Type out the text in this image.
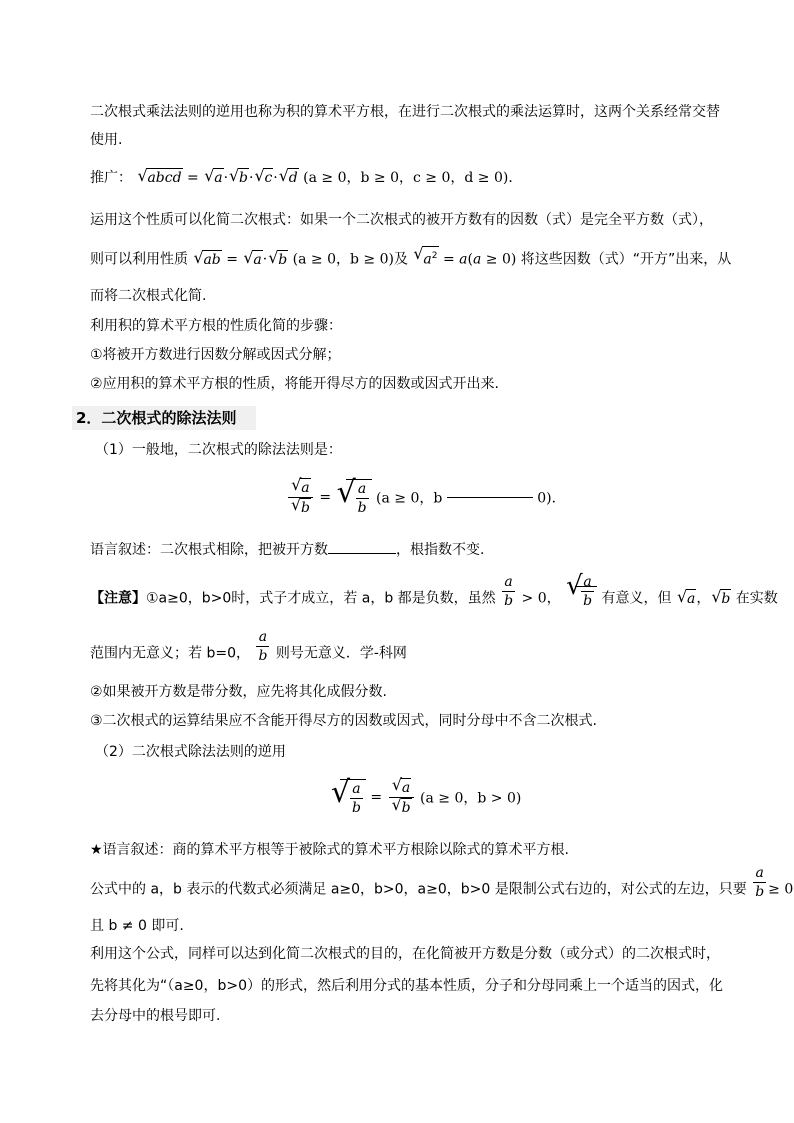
二次根式乘法法则的逆用也称为积的算术平方根，在进行二次根式的乘法运算时，这两个关系经常交替
使用.
推广： √ abcd = √ a· √ b· √ c· √ d (a ≥ 0，b ≥ 0，c ≥ 0，d ≥ 0)．
运用这个性质可以化简二次根式：如果一个二次根式的被开方数有的因数（式）是完全平方数（式），
则可以利用性质 √ ab = √ a· √ b (a ≥ 0，b ≥ 0)及 √ $a^2 = a(a \ge 0)$ 将这些因数（式）“开方”出来，从
而将二次根式化简.
利用积的算术平方根的性质化简的步骤：
①将被开方数进行因数分解或因式分解；
②应用积的算术平方根的性质，将能开得尽方的因数或因式开出来.
2．二次根式的除法法则
（1）一般地，二次根式的除法法则是：
$\frac{√ a}{√ b}$ = √ $\frac{a}{b} (a \ge 0$，b	0)．
语言叙述：二次根式相除，把被开方数	，根指数不变.
【注意】①a≥0，b>0时，式子才成立，若 a，b 都是负数，虽然 $\frac{a}{b} > 0$， √
$\frac{a}{b}$ 有意义，但 √ a， √ b 在实数
范围内无意义；若 b=0， $\frac{a}{b}$ 则号无意义．学-科网
②如果被开方数是带分数，应先将其化成假分数.
③二次根式的运算结果应不含能开得尽方的因数或因式，同时分母中不含二次根式.
（2）二次根式除法法则的逆用
√ $\frac{a}{b} = \frac{√ a}{√ b} (a \ge 0$，b > 0)
★语言叙述：商的算术平方根等于被除式的算术平方根除以除式的算术平方根.
公式中的 a，b 表示的代数式必须满足 a≥0，b>0，a≥0，b>0 是限制公式右边的，对公式的左边，只要 $\frac{a}{b} \ge 0$
且 b ≠ 0 即可.
利用这个公式，同样可以达到化简二次根式的目的，在化简被开方数是分数（或分式）的二次根式时，
先将其化为“（a≥0，b>0）的形式，然后利用分式的基本性质，分子和分母同乘上一个适当的因式，化
去分母中的根号即可.
